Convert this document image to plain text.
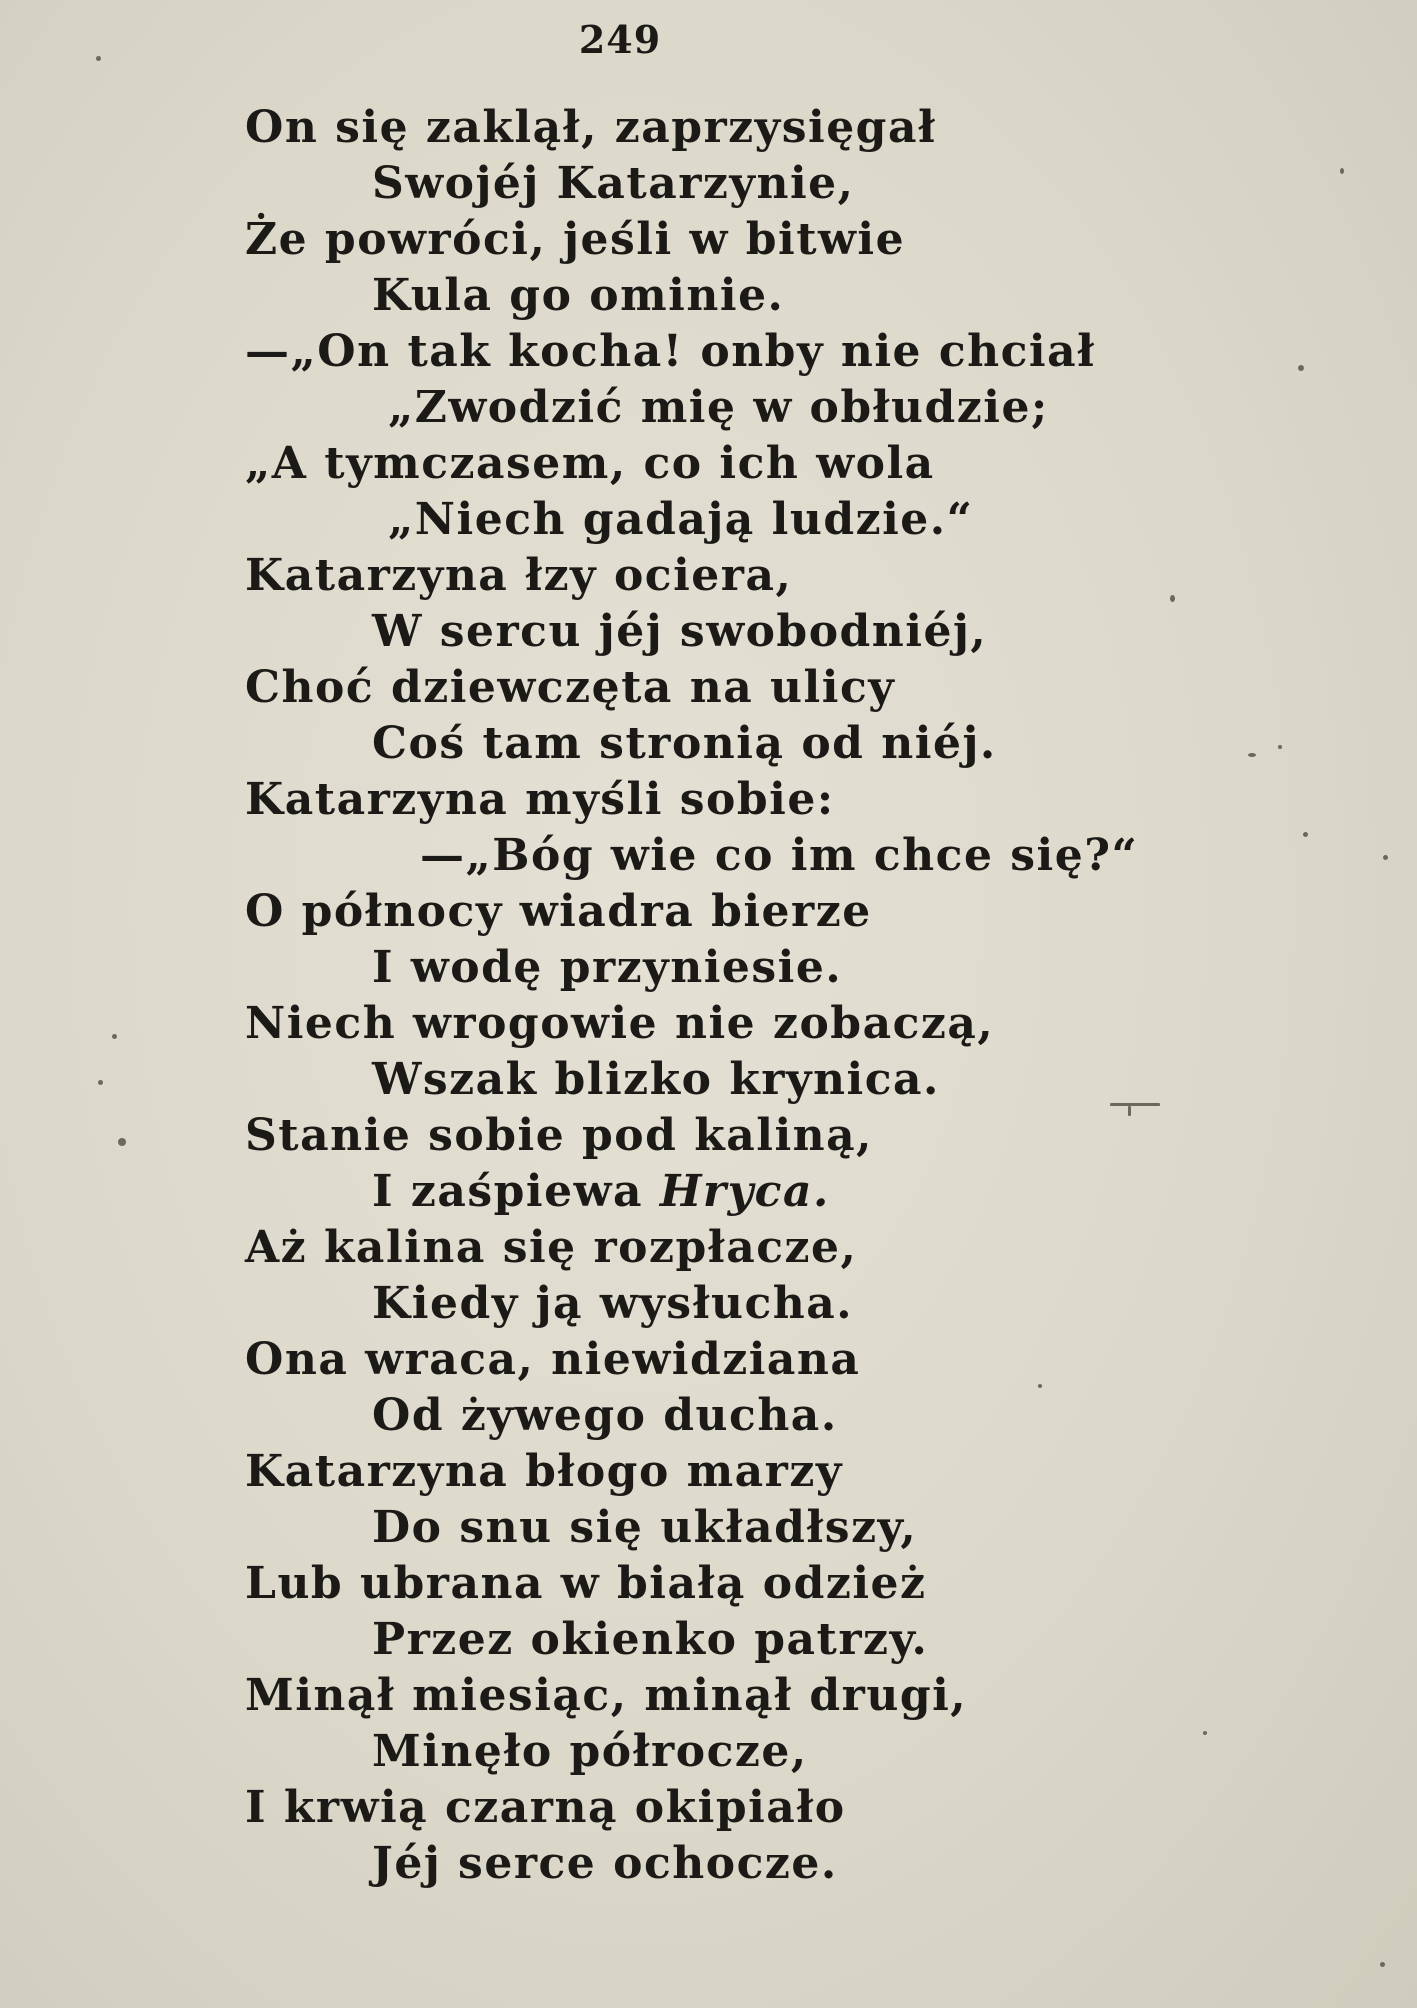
249
On się zaklął, zaprzysięgał
Swojéj Katarzynie,
Że powróci, jeśli w bitwie
Kula go ominie.
—„On tak kocha! onby nie chciał
„Zwodzić mię w obłudzie;
„A tymczasem, co ich wola
„Niech gadają ludzie.“
Katarzyna łzy ociera,
W sercu jéj swobodniéj,
Choć dziewczęta na ulicy
Coś tam stronią od niéj.
Katarzyna myśli sobie:
—„Bóg wie co im chce się?“
O północy wiadra bierze
I wodę przyniesie.
Niech wrogowie nie zobaczą,
Wszak blizko krynica.
Stanie sobie pod kaliną,
I zaśpiewa Hryca.
Aż kalina się rozpłacze,
Kiedy ją wysłucha.
Ona wraca, niewidziana
Od żywego ducha.
Katarzyna błogo marzy
Do snu się układłszy,
Lub ubrana w białą odzież
Przez okienko patrzy.
Minął miesiąc, minął drugi,
Minęło półrocze,
I krwią czarną okipiało
Jéj serce ochocze.
